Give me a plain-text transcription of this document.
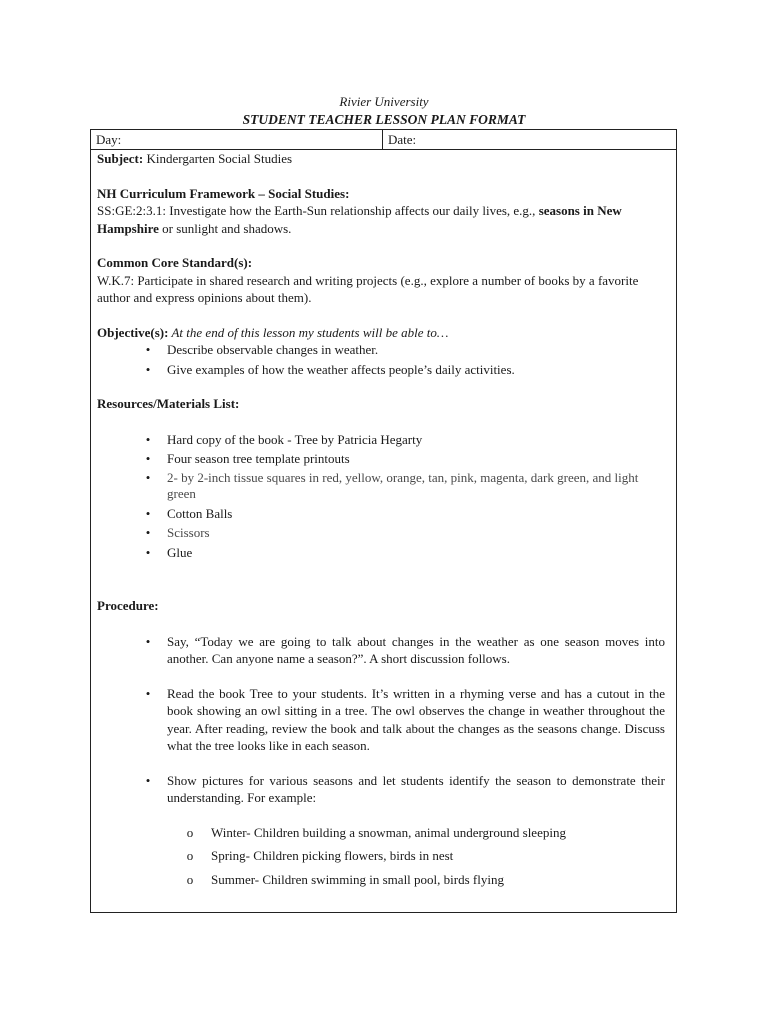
Rivier University
STUDENT TEACHER LESSON PLAN FORMAT
Day:	Date:

Subject: Kindergarten Social Studies

NH Curriculum Framework – Social Studies:

SS:GE:2:3.1: Investigate how the Earth-Sun relationship affects our daily lives, e.g., seasons in New Hampshire or sunlight and shadows.

Common Core Standard(s):

W.K.7: Participate in shared research and writing projects (e.g., explore a number of books by a favorite author and express opinions about them).

Objective(s): At the end of this lesson my students will be able to…

• Describe observable changes in weather.
• Give examples of how the weather affects people’s daily activities.

Resources/Materials List:

• Hard copy of the book - Tree by Patricia Hegarty
• Four season tree template printouts
• 2- by 2-inch tissue squares in red, yellow, orange, tan, pink, magenta, dark green, and light green
• Cotton Balls
• Scissors
• Glue

Procedure:

• Say, “Today we are going to talk about changes in the weather as one season moves into another. Can anyone name a season?”. A short discussion follows.
• Read the book Tree to your students. It’s written in a rhyming verse and has a cutout in the book showing an owl sitting in a tree. The owl observes the change in weather throughout the year. After reading, review the book and talk about the changes as the seasons change. Discuss what the tree looks like in each season.
• Show pictures for various seasons and let students identify the season to demonstrate their understanding. For example:
o Winter- Children building a snowman, animal underground sleeping
o Spring- Children picking flowers, birds in nest
o Summer- Children swimming in small pool, birds flying
